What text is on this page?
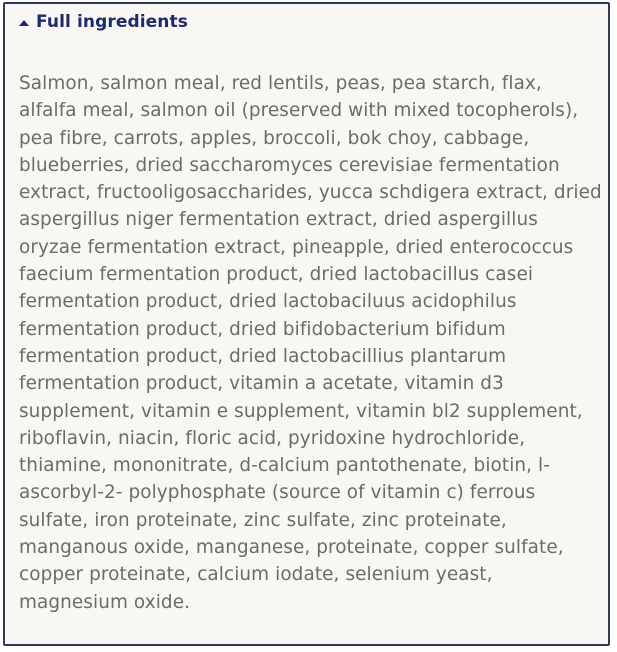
Full ingredients
Salmon, salmon meal, red lentils, peas, pea starch, flax, alfalfa meal, salmon oil (preserved with mixed tocopherols), pea fibre, carrots, apples, broccoli, bok choy, cabbage, blueberries, dried saccharomyces cerevisiae fermentation extract, fructooligosaccharides, yucca schdigera extract, dried aspergillus niger fermentation extract, dried aspergillus oryzae fermentation extract, pineapple, dried enterococcus faecium fermentation product, dried lactobacillus casei fermentation product, dried lactobaciluus acidophilus fermentation product, dried bifidobacterium bifidum fermentation product, dried lactobacillius plantarum fermentation product, vitamin a acetate, vitamin d3 supplement, vitamin e supplement, vitamin bl2 supplement, riboflavin, niacin, floric acid, pyridoxine hydrochloride, thiamine, mononitrate, d-calcium pantothenate, biotin, l-ascorbyl-2- polyphosphate (source of vitamin c) ferrous sulfate, iron proteinate, zinc sulfate, zinc proteinate, manganous oxide, manganese, proteinate, copper sulfate, copper proteinate, calcium iodate, selenium yeast, magnesium oxide.
